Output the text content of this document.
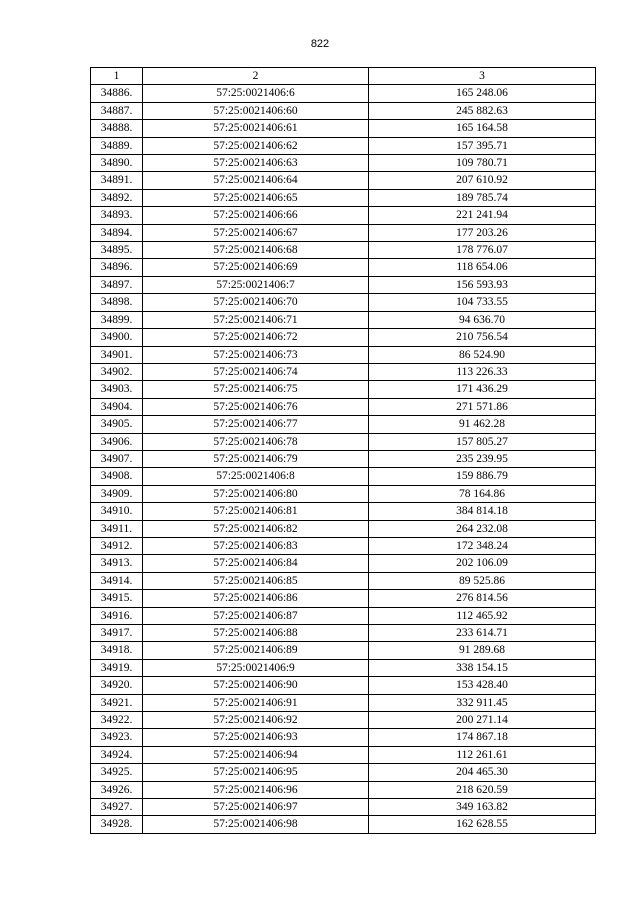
822
1	2	3
34886.	57:25:0021406:6	165 248.06
34887.	57:25:0021406:60	245 882.63
34888.	57:25:0021406:61	165 164.58
34889.	57:25:0021406:62	157 395.71
34890.	57:25:0021406:63	109 780.71
34891.	57:25:0021406:64	207 610.92
34892.	57:25:0021406:65	189 785.74
34893.	57:25:0021406:66	221 241.94
34894.	57:25:0021406:67	177 203.26
34895.	57:25:0021406:68	178 776.07
34896.	57:25:0021406:69	118 654.06
34897.	57:25:0021406:7	156 593.93
34898.	57:25:0021406:70	104 733.55
34899.	57:25:0021406:71	94 636.70
34900.	57:25:0021406:72	210 756.54
34901.	57:25:0021406:73	86 524.90
34902.	57:25:0021406:74	113 226.33
34903.	57:25:0021406:75	171 436.29
34904.	57:25:0021406:76	271 571.86
34905.	57:25:0021406:77	91 462.28
34906.	57:25:0021406:78	157 805.27
34907.	57:25:0021406:79	235 239.95
34908.	57:25:0021406:8	159 886.79
34909.	57:25:0021406:80	78 164.86
34910.	57:25:0021406:81	384 814.18
34911.	57:25:0021406:82	264 232.08
34912.	57:25:0021406:83	172 348.24
34913.	57:25:0021406:84	202 106.09
34914.	57:25:0021406:85	89 525.86
34915.	57:25:0021406:86	276 814.56
34916.	57:25:0021406:87	112 465.92
34917.	57:25:0021406:88	233 614.71
34918.	57:25:0021406:89	91 289.68
34919.	57:25:0021406:9	338 154.15
34920.	57:25:0021406:90	153 428.40
34921.	57:25:0021406:91	332 911.45
34922.	57:25:0021406:92	200 271.14
34923.	57:25:0021406:93	174 867.18
34924.	57:25:0021406:94	112 261.61
34925.	57:25:0021406:95	204 465.30
34926.	57:25:0021406:96	218 620.59
34927.	57:25:0021406:97	349 163.82
34928.	57:25:0021406:98	162 628.55
